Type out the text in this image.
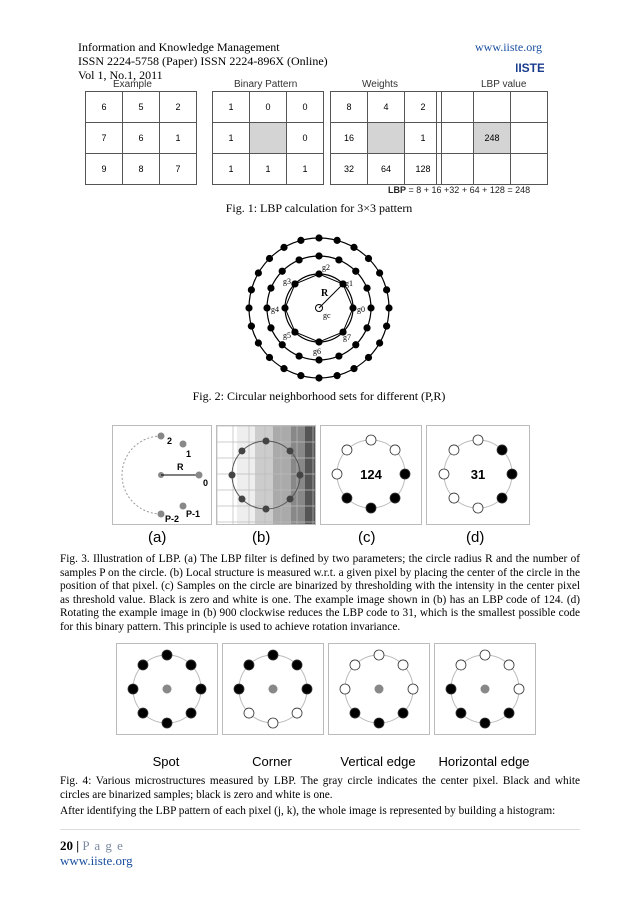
Information and Knowledge Management
ISSN 2224-5758 (Paper) ISSN 2224-896X (Online)
Vol 1, No.1, 2011
www.iiste.org
IISTE
Example	Binary Pattern	Weights	LBP value
6	5	2
7	6	1
9	8	7
1	0	0
1		0
1	1	1
8	4	2
16		1
32	64	128

	248	

LBP = 8 + 16 +32 + 64 + 128 = 248
Fig. 1: LBP calculation for 3×3 pattern
g0
g1
g2
g3
g4
g5
g6
g7
gc
R
Fig. 2: Circular neighborhood sets for different (P,R)
2
1
R
0
P-1
P-2
124	31
(a)	(b)	(c)	(d)
Fig. 3. Illustration of LBP. (a) The LBP filter is defined by two parameters; the circle radius R and the number of samples P on the circle. (b) Local structure is measured w.r.t. a given pixel by placing the center of the circle in the position of that pixel. (c) Samples on the circle are binarized by thresholding with the intensity in the center pixel as threshold value. Black is zero and white is one. The example image shown in (b) has an LBP code of 124. (d) Rotating the example image in (b) 900 clockwise reduces the LBP code to 31, which is the smallest possible code for this binary pattern. This principle is used to achieve rotation invariance.
Spot	Corner	Vertical edge	Horizontal edge
Fig. 4: Various microstructures measured by LBP. The gray circle indicates the center pixel. Black and white circles are binarized samples; black is zero and white is one.
After identifying the LBP pattern of each pixel (j, k), the whole image is represented by building a histogram:
20 | P a g e
www.iiste.org
